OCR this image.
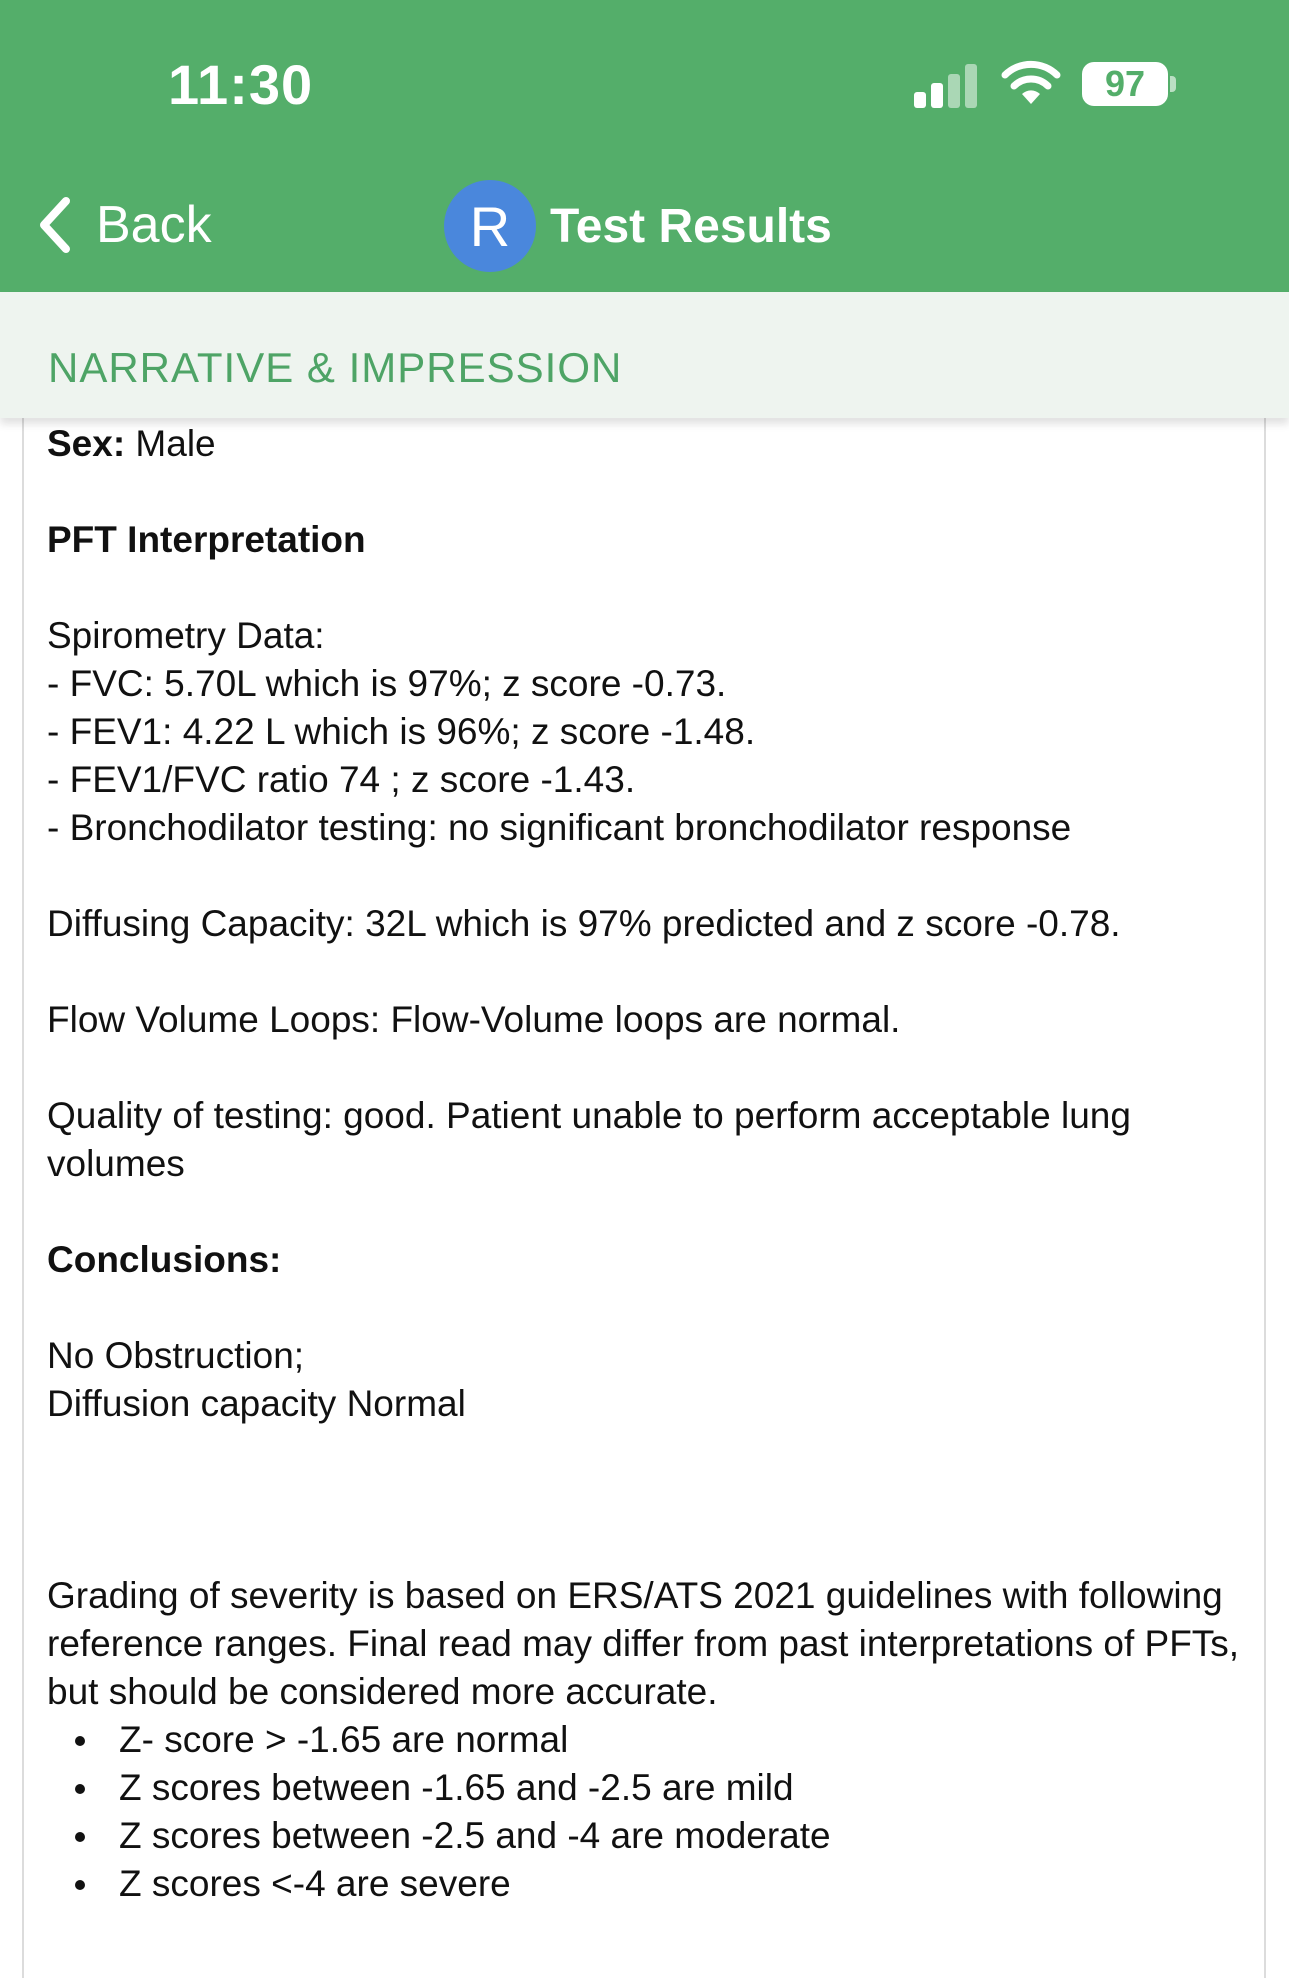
11:30	97
Back	R Test Results
NARRATIVE & IMPRESSION

Sex: Male

PFT Interpretation

Spirometry Data:

- FVC: 5.70L which is 97%; z score -0.73.

- FEV1: 4.22 L which is 96%; z score -1.48.

- FEV1/FVC ratio 74 ; z score -1.43.

- Bronchodilator testing: no significant bronchodilator response

Diffusing Capacity: 32L which is 97% predicted and z score -0.78.

Flow Volume Loops: Flow-Volume loops are normal.

Quality of testing: good. Patient unable to perform acceptable lung volumes

Conclusions:

No Obstruction;

Diffusion capacity Normal

Grading of severity is based on ERS/ATS 2021 guidelines with following reference ranges. Final read may differ from past interpretations of PFTs, but should be considered more accurate.

Z- score > -1.65 are normal
Z scores between -1.65 and -2.5 are mild
Z scores between -2.5 and -4 are moderate
Z scores <-4 are severe
